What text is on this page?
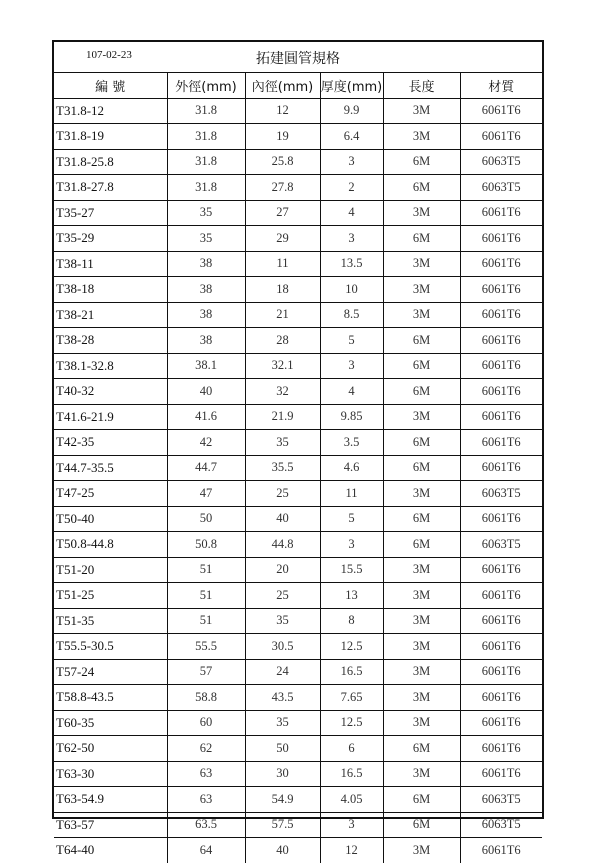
107-02-23	拓建圓管規格
編 號	外徑(mm)	內徑(mm)	厚度(mm)	長度	材質
T31.8-12	31.8	12	9.9	3M	6061T6
T31.8-19	31.8	19	6.4	3M	6061T6
T31.8-25.8	31.8	25.8	3	6M	6063T5
T31.8-27.8	31.8	27.8	2	6M	6063T5
T35-27	35	27	4	3M	6061T6
T35-29	35	29	3	6M	6061T6
T38-11	38	11	13.5	3M	6061T6
T38-18	38	18	10	3M	6061T6
T38-21	38	21	8.5	3M	6061T6
T38-28	38	28	5	6M	6061T6
T38.1-32.8	38.1	32.1	3	6M	6061T6
T40-32	40	32	4	6M	6061T6
T41.6-21.9	41.6	21.9	9.85	3M	6061T6
T42-35	42	35	3.5	6M	6061T6
T44.7-35.5	44.7	35.5	4.6	6M	6061T6
T47-25	47	25	11	3M	6063T5
T50-40	50	40	5	6M	6061T6
T50.8-44.8	50.8	44.8	3	6M	6063T5
T51-20	51	20	15.5	3M	6061T6
T51-25	51	25	13	3M	6061T6
T51-35	51	35	8	3M	6061T6
T55.5-30.5	55.5	30.5	12.5	3M	6061T6
T57-24	57	24	16.5	3M	6061T6
T58.8-43.5	58.8	43.5	7.65	3M	6061T6
T60-35	60	35	12.5	3M	6061T6
T62-50	62	50	6	6M	6061T6
T63-30	63	30	16.5	3M	6061T6
T63-54.9	63	54.9	4.05	6M	6063T5
T63-57	63.5	57.5	3	6M	6063T5
T64-40	64	40	12	3M	6061T6
